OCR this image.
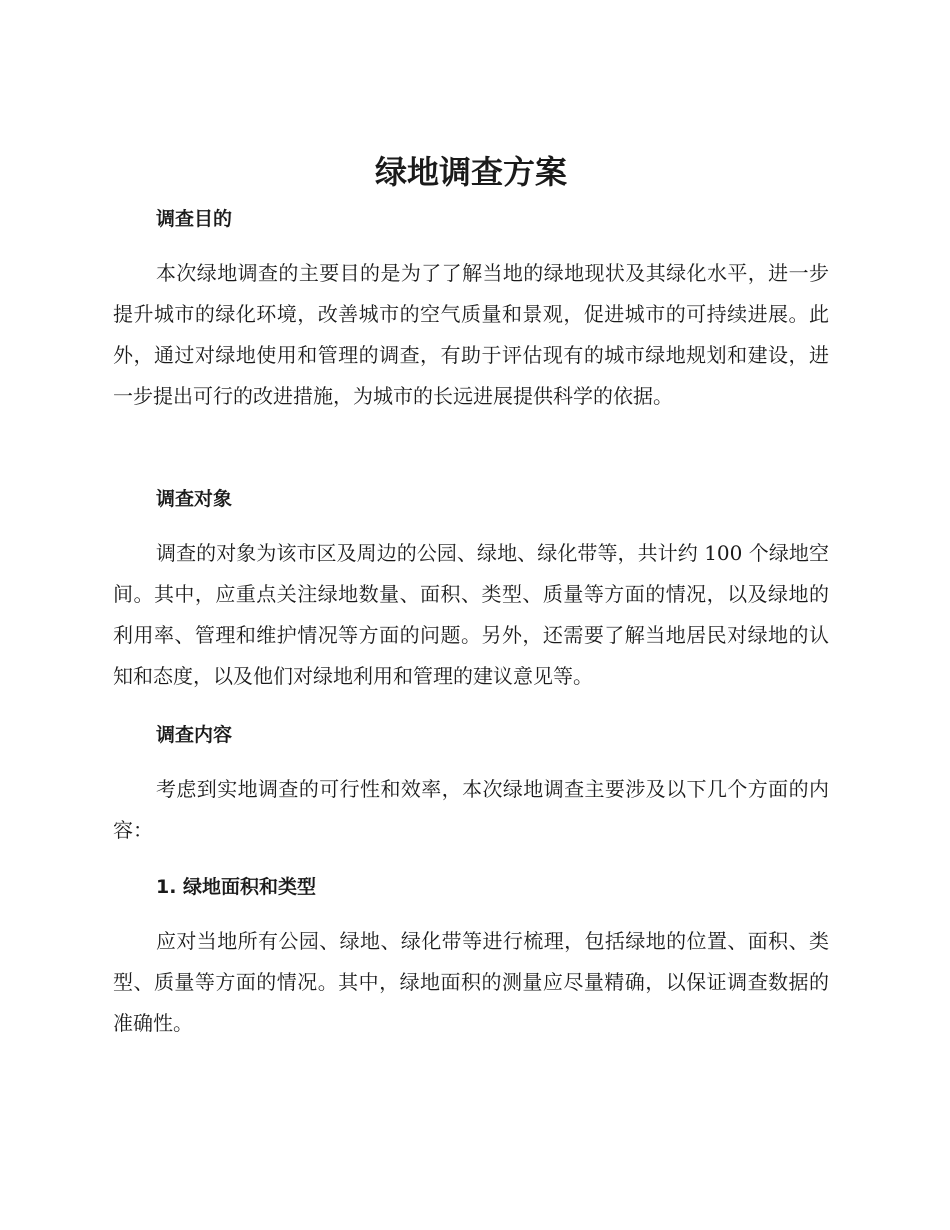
绿地调查方案
调查目的

本次绿地调查的主要目的是为了了解当地的绿地现状及其绿化水平，进一步提升城市的绿化环境，改善城市的空气质量和景观，促进城市的可持续进展。此外，通过对绿地使用和管理的调查，有助于评估现有的城市绿地规划和建设，进一步提出可行的改进措施，为城市的长远进展提供科学的依据。

调查对象

调查的对象为该市区及周边的公园、绿地、绿化带等，共计约 100 个绿地空间。其中，应重点关注绿地数量、面积、类型、质量等方面的情况，以及绿地的利用率、管理和维护情况等方面的问题。另外，还需要了解当地居民对绿地的认知和态度，以及他们对绿地利用和管理的建议意见等。

调查内容

考虑到实地调查的可行性和效率，本次绿地调查主要涉及以下几个方面的内容：

1. 绿地面积和类型

应对当地所有公园、绿地、绿化带等进行梳理，包括绿地的位置、面积、类型、质量等方面的情况。其中，绿地面积的测量应尽量精确，以保证调查数据的准确性。
